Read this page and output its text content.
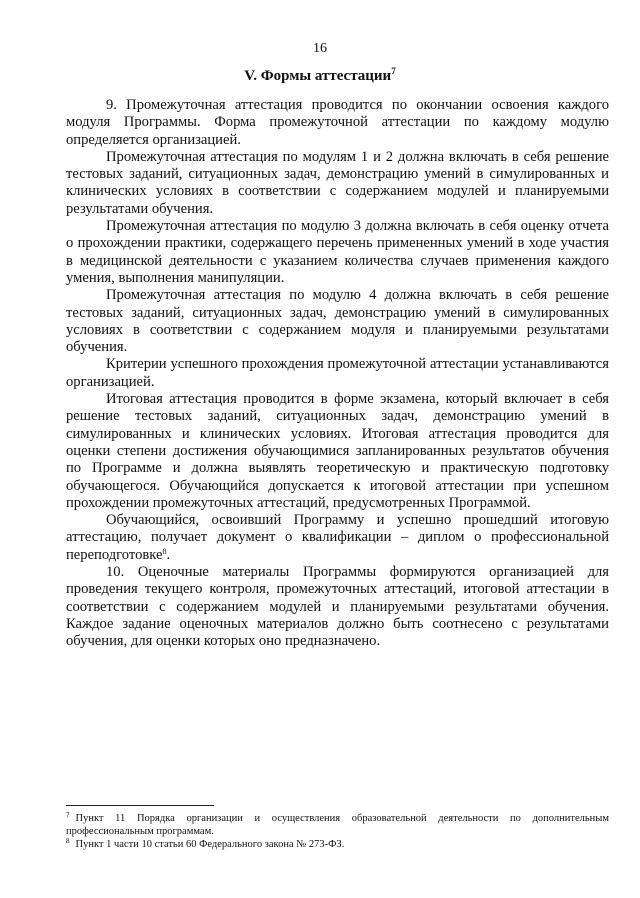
16
V. Формы аттестации$^7$

9. Промежуточная аттестация проводится по окончании освоения каждого модуля Программы. Форма промежуточной аттестации по каждому модулю определяется организацией.

Промежуточная аттестация по модулям 1 и 2 должна включать в себя решение тестовых заданий, ситуационных задач, демонстрацию умений в симулированных и клинических условиях в соответствии с содержанием модулей и планируемыми результатами обучения.

Промежуточная аттестация по модулю 3 должна включать в себя оценку отчета о прохождении практики, содержащего перечень примененных умений в ходе участия в медицинской деятельности с указанием количества случаев применения каждого умения, выполнения манипуляции.

Промежуточная аттестация по модулю 4 должна включать в себя решение тестовых заданий, ситуационных задач, демонстрацию умений в симулированных условиях в соответствии с содержанием модуля и планируемыми результатами обучения.

Критерии успешного прохождения промежуточной аттестации устанавливаются организацией.

Итоговая аттестация проводится в форме экзамена, который включает в себя решение тестовых заданий, ситуационных задач, демонстрацию умений в симулированных и клинических условиях. Итоговая аттестация проводится для оценки степени достижения обучающимися запланированных результатов обучения по Программе и должна выявлять теоретическую и практическую подготовку обучающегося. Обучающийся допускается к итоговой аттестации при успешном прохождении промежуточных аттестаций, предусмотренных Программой.

Обучающийся, освоивший Программу и успешно прошедший итоговую аттестацию, получает документ о квалификации – диплом о профессиональной переподготовке$^8$.

10. Оценочные материалы Программы формируются организацией для проведения текущего контроля, промежуточных аттестаций, итоговой аттестации в соответствии с содержанием модулей и планируемыми результатами обучения. Каждое задание оценочных материалов должно быть соотнесено с результатами обучения, для оценки которых оно предназначено.

$^7$ Пункт 11 Порядка организации и осуществления образовательной деятельности по дополнительным профессиональным программам.

$^8$ Пункт 1 части 10 статьи 60 Федерального закона № 273-ФЗ.
